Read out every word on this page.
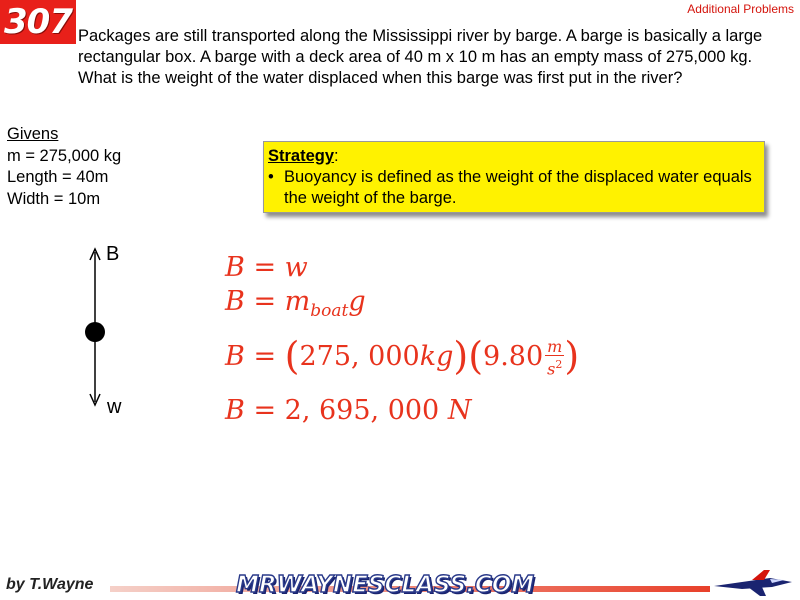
307	Additional Problems
Packages are still transported along the Mississippi river by barge. A barge is basically a large rectangular box. A barge with a deck area of 40 m x 10 m has an empty mass of 275,000 kg. What is the weight of the water displaced when this barge was first put in the river?
Givens
m = 275,000 kg
Length = 40m
Width = 10m
Strategy:
• Buoyancy is defined as the weight of the displaced water equals the weight of the barge.
B
w
B = w
$B = m_{boat}g$
B = (275, $000kg)(9.80 \frac{m}{s^2}$ )
B = 2, 695, 000 N
by T.Wayne	MRWAYNESCLASS.COM
